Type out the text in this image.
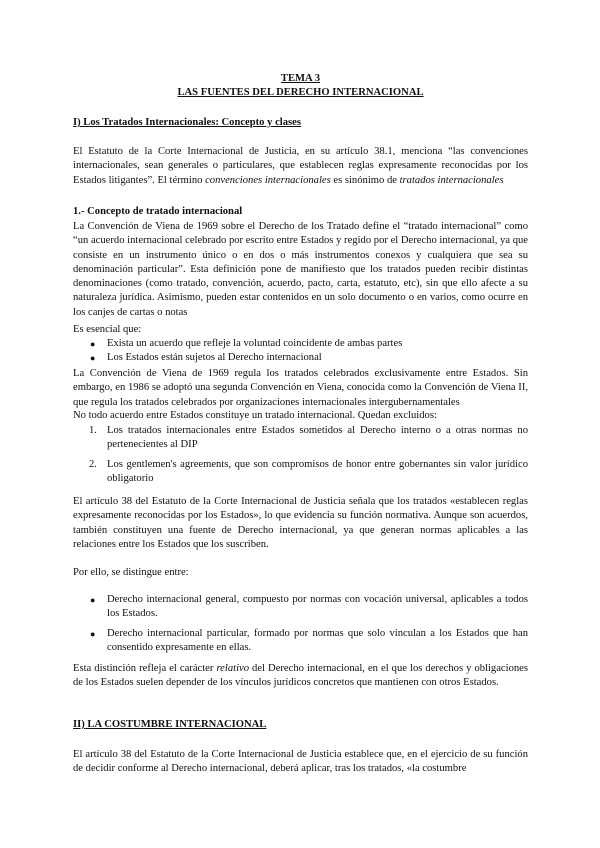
TEMA 3
LAS FUENTES DEL DERECHO INTERNACIONAL
I) Los Tratados Internacionales: Concepto y clases

El Estatuto de la Corte Internacional de Justicia, en su artículo 38.1, menciona “las convenciones internacionales, sean generales o particulares, que establecen reglas expresamente reconocidas por los Estados litigantes”. El término convenciones internacionales es sinónimo de tratados internacionales

1.- Concepto de tratado internacional

La Convención de Viena de 1969 sobre el Derecho de los Tratado define el “tratado internacional” como “un acuerdo internacional celebrado por escrito entre Estados y regido por el Derecho internacional, ya que consiste en un instrumento único o en dos o más instrumentos conexos y cualquiera que sea su denominación particular”. Esta definición pone de manifiesto que los tratados pueden recibir distintas denominaciones (como tratado, convención, acuerdo, pacto, carta, estatuto, etc), sin que ello afecte a su naturaleza jurídica. Asimismo, pueden estar contenidos en un solo documento o en varios, como ocurre en los canjes de cartas o notas

Es esencial que:

● Exista un acuerdo que refleje la voluntad coincidente de ambas partes
● Los Estados están sujetos al Derecho internacional

La Convención de Viena de 1969 regula los tratados celebrados exclusivamente entre Estados. Sin embargo, en 1986 se adoptó una segunda Convención en Viena, conocida como la Convención de Viena II, que regula los tratados celebrados por organizaciones internacionales intergubernamentales

No todo acuerdo entre Estados constituye un tratado internacional. Quedan excluidos:

1. Los tratados internacionales entre Estados sometidos al Derecho interno o a otras normas no pertenecientes al DIP
2. Los gentlemen's agreements, que son compromisos de honor entre gobernantes sin valor jurídico obligatorio

El artículo 38 del Estatuto de la Corte Internacional de Justicia señala que los tratados «establecen reglas expresamente reconocidas por los Estados», lo que evidencia su función normativa. Aunque son acuerdos, también constituyen una fuente de Derecho internacional, ya que generan normas aplicables a las relaciones entre los Estados que los suscriben.

Por ello, se distingue entre:

● Derecho internacional general, compuesto por normas con vocación universal, aplicables a todos los Estados.
● Derecho internacional particular, formado por normas que solo vinculan a los Estados que han consentido expresamente en ellas.

Esta distinción refleja el carácter relativo del Derecho internacional, en el que los derechos y obligaciones de los Estados suelen depender de los vínculos jurídicos concretos que mantienen con otros Estados.

II) LA COSTUMBRE INTERNACIONAL

El artículo 38 del Estatuto de la Corte Internacional de Justicia establece que, en el ejercicio de su función de decidir conforme al Derecho internacional, deberá aplicar, tras los tratados, «la costumbre
